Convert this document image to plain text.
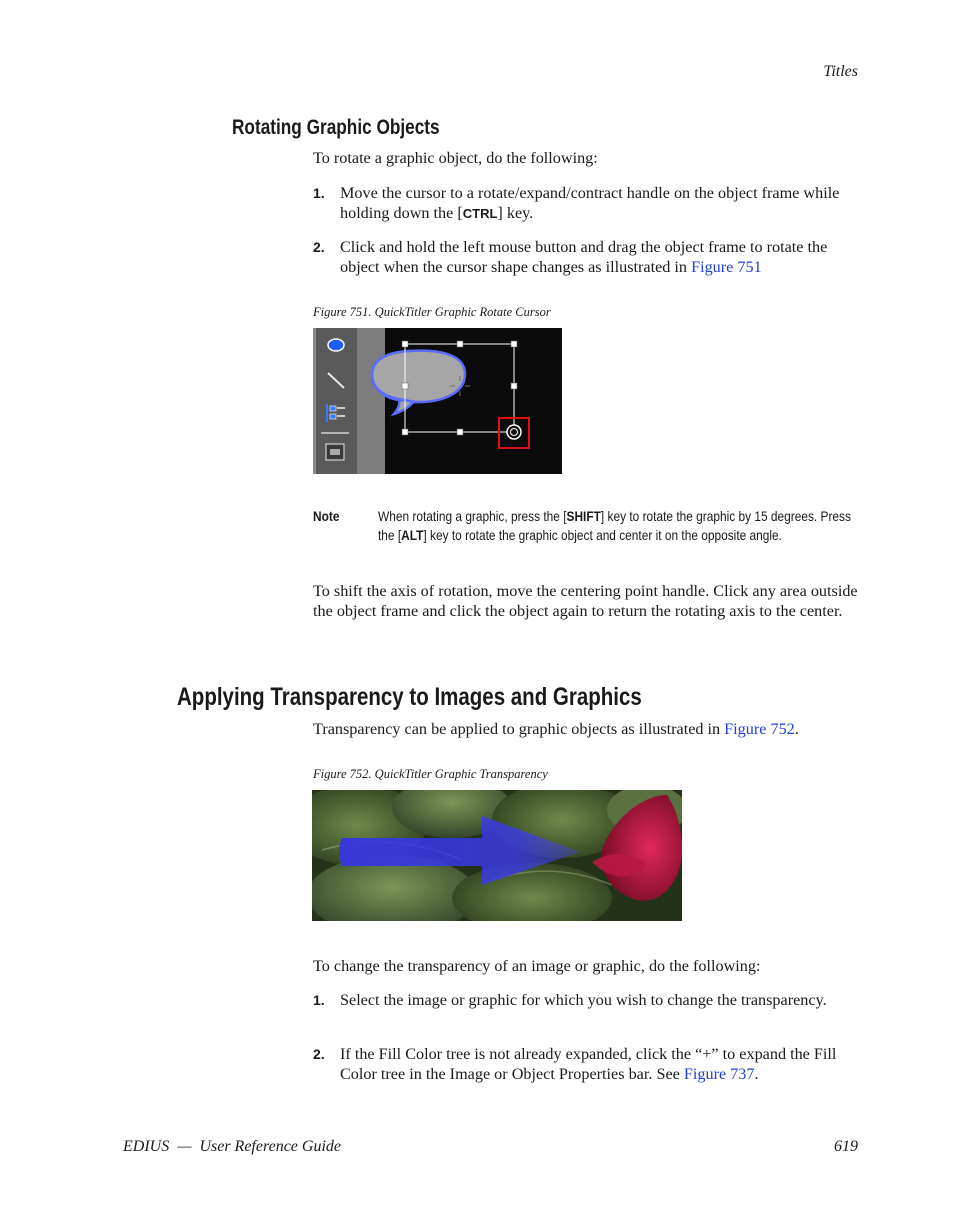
Titles
Rotating Graphic Objects
To rotate a graphic object, do the following:
1. Move the cursor to a rotate/expand/contract handle on the object frame while holding down the [CTRL] key.
2. Click and hold the left mouse button and drag the object frame to rotate the object when the cursor shape changes as illustrated in Figure 751
Figure 751. QuickTitler Graphic Rotate Cursor
Note	When rotating a graphic, press the [SHIFT] key to rotate the graphic by 15 degrees. Press the [ALT] key to rotate the graphic object and center it on the opposite angle.
To shift the axis of rotation, move the centering point handle. Click any area outside the object frame and click the object again to return the rotating axis to the center.
Applying Transparency to Images and Graphics
Transparency can be applied to graphic objects as illustrated in Figure 752.
Figure 752. QuickTitler Graphic Transparency
To change the transparency of an image or graphic, do the following:
1. Select the image or graphic for which you wish to change the transparency.
2. If the Fill Color tree is not already expanded, click the “+” to expand the Fill Color tree in the Image or Object Properties bar. See Figure 737.
EDIUS  —  User Reference Guide	619
